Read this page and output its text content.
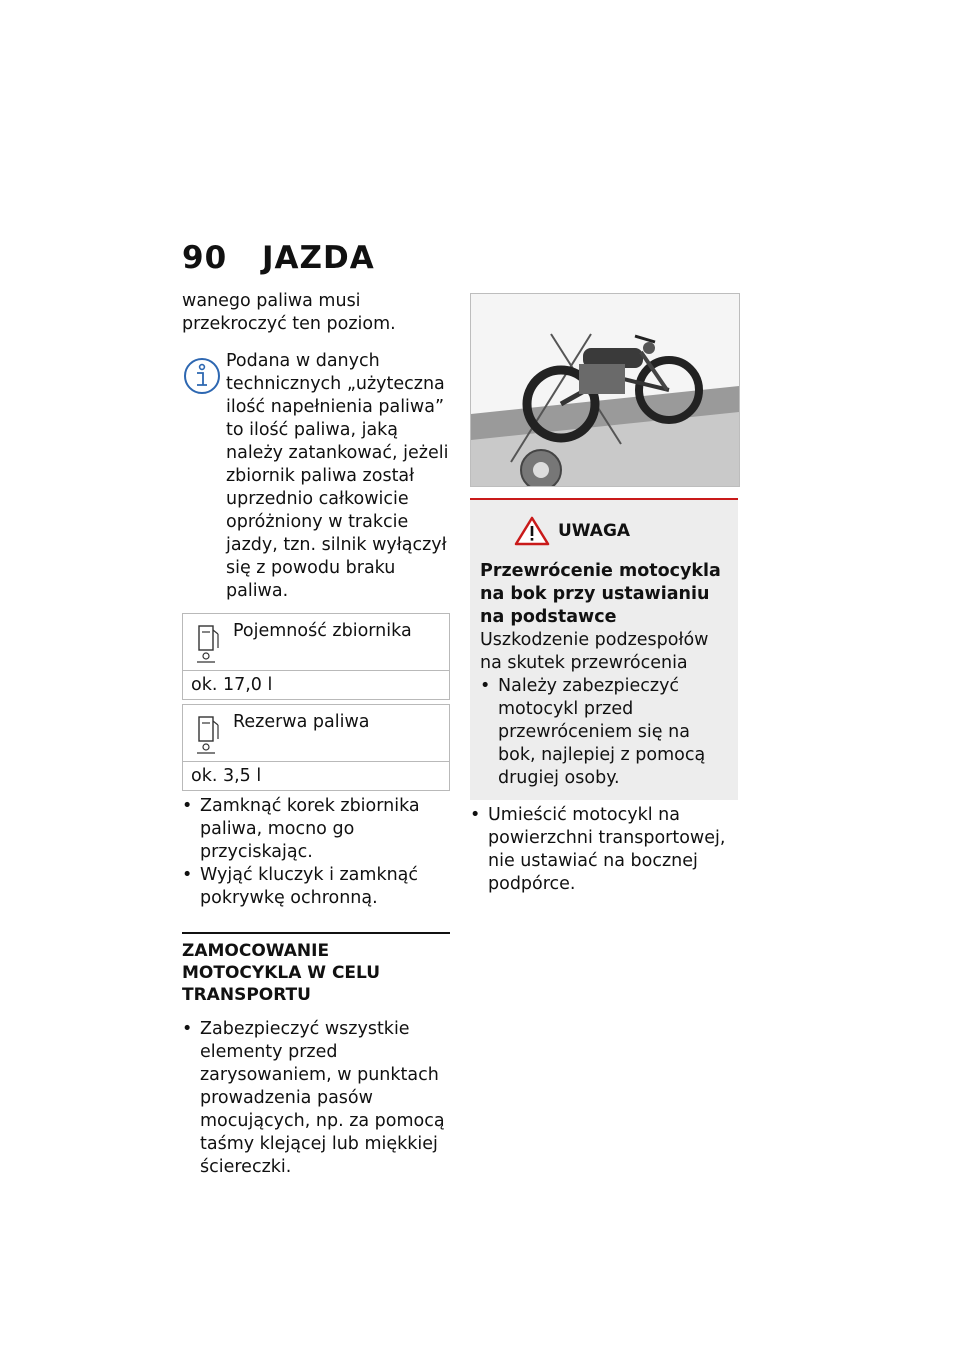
90 JAZDA

wanego paliwa musi przekroczyć ten poziom.

Podana w danych technicznych „użyteczna ilość napełnienia paliwa” to ilość paliwa, jaką należy zatankować, jeżeli zbiornik paliwa został uprzednio całkowicie opróżniony w trakcie jazdy, tzn. silnik wyłączył się z powodu braku paliwa.

Pojemność zbiornika
ok. 17,0 l
Rezerwa paliwa
ok. 3,5 l
• Zamknąć korek zbiornika paliwa, mocno go przyciskając.
• Wyjąć kluczyk i zamknąć pokrywkę ochronną.
ZAMOCOWANIE MOTOCYKLA W CELU TRANSPORTU
• Zabezpieczyć wszystkie elementy przed zarysowaniem, w punktach prowadzenia pasów mocujących, np. za pomocą taśmy klejącej lub miękkiej ściereczki.
UWAGA

Przewrócenie motocykla na bok przy ustawianiu na podstawce

Uszkodzenie podzespołów na skutek przewrócenia

• Należy zabezpieczyć motocykl przed przewróceniem się na bok, najlepiej z pomocą drugiej osoby.
• Umieścić motocykl na powierzchni transportowej, nie ustawiać na bocznej podpórce.
